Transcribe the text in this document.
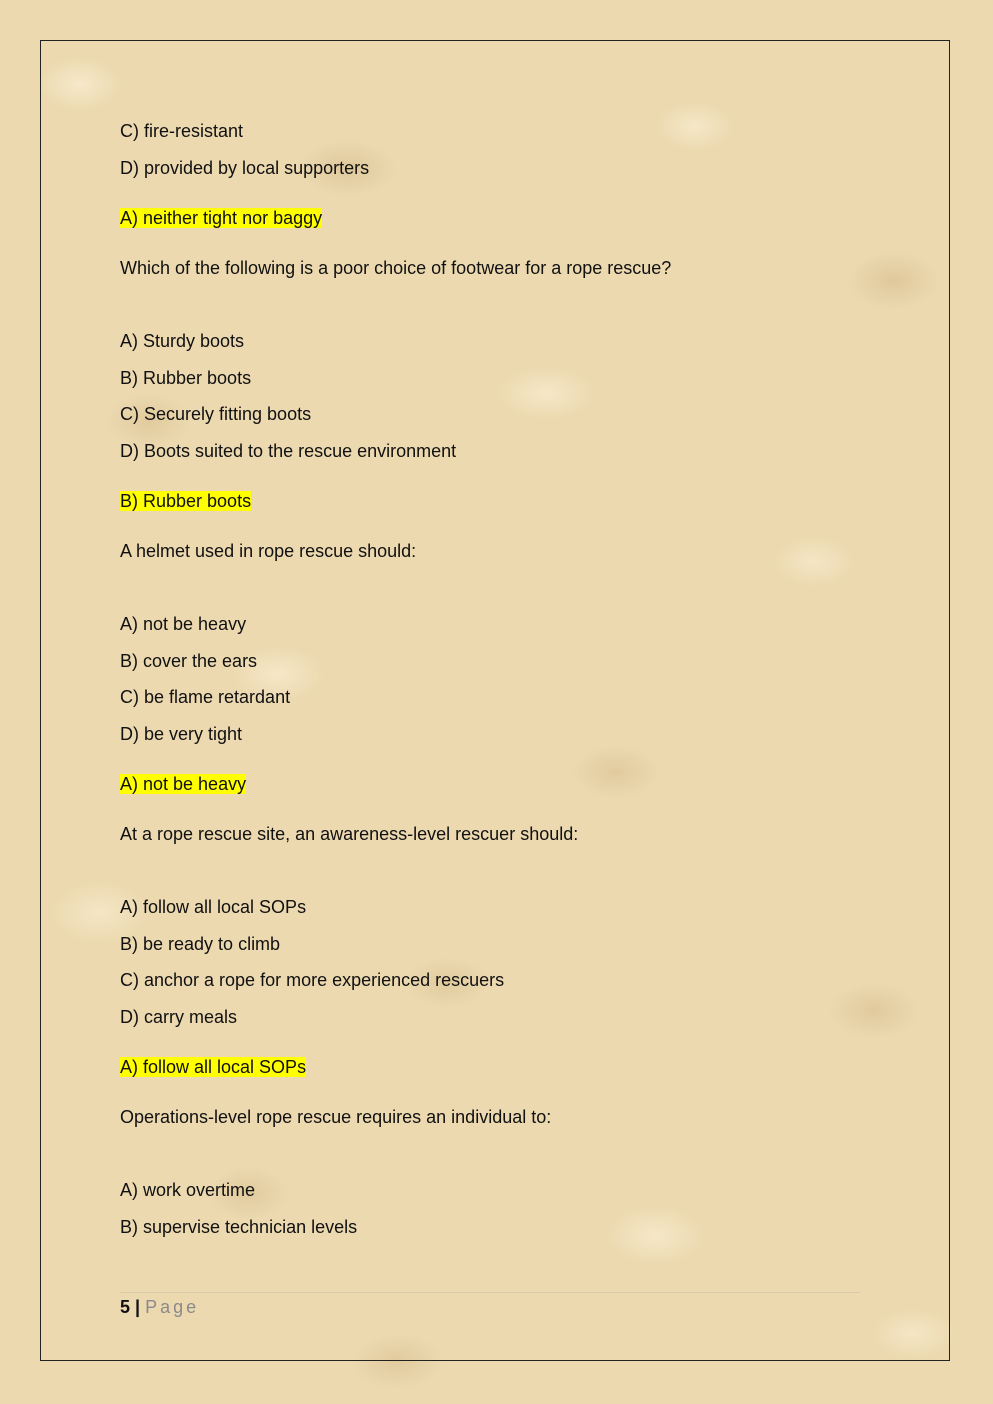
C) fire-resistant
D) provided by local supporters
A) neither tight nor baggy
Which of the following is a poor choice of footwear for a rope rescue?
A) Sturdy boots
B) Rubber boots
C) Securely fitting boots
D) Boots suited to the rescue environment
B) Rubber boots
A helmet used in rope rescue should:
A) not be heavy
B) cover the ears
C) be flame retardant
D) be very tight
A) not be heavy
At a rope rescue site, an awareness-level rescuer should:
A) follow all local SOPs
B) be ready to climb
C) anchor a rope for more experienced rescuers
D) carry meals
A) follow all local SOPs
Operations-level rope rescue requires an individual to:
A) work overtime
B) supervise technician levels
5 | Page
